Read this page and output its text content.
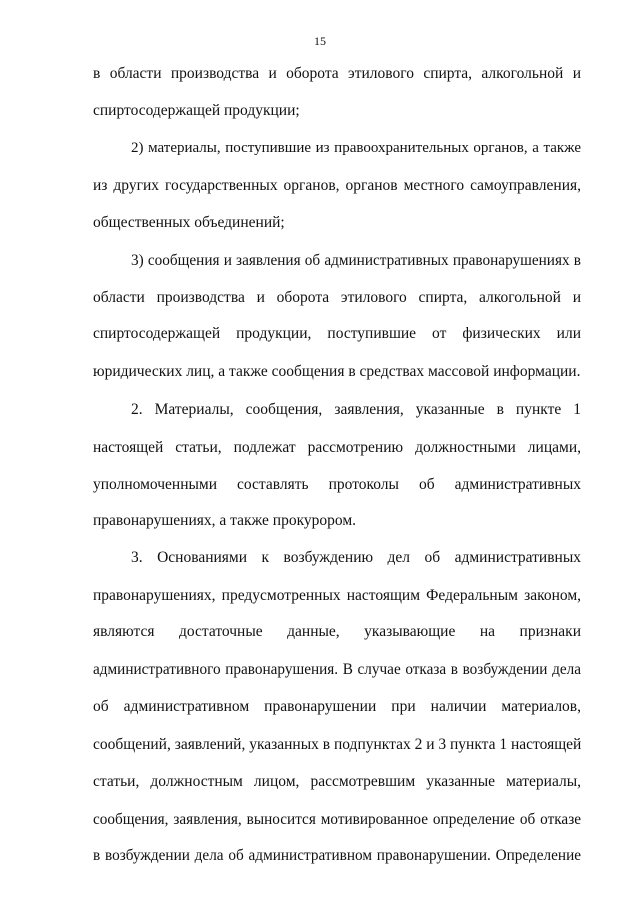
15
в области производства и оборота этилового спирта, алкогольной и
спиртосодержащей продукции;
2) материалы, поступившие из правоохранительных органов, а также
из других государственных органов, органов местного самоуправления,
общественных объединений;
3) сообщения и заявления об административных правонарушениях в
области производства и оборота этилового спирта, алкогольной и
спиртосодержащей продукции, поступившие от физических или
юридических лиц, а также сообщения в средствах массовой информации.
2. Материалы, сообщения, заявления, указанные в пункте 1
настоящей статьи, подлежат рассмотрению должностными лицами,
уполномоченными составлять протоколы об административных
правонарушениях, а также прокурором.
3. Основаниями к возбуждению дел об административных
правонарушениях, предусмотренных настоящим Федеральным законом,
являются достаточные данные, указывающие на признаки
административного правонарушения. В случае отказа в возбуждении дела
об административном правонарушении при наличии материалов,
сообщений, заявлений, указанных в подпунктах 2 и 3 пункта 1 настоящей
статьи, должностным лицом, рассмотревшим указанные материалы,
сообщения, заявления, выносится мотивированное определение об отказе
в возбуждении дела об административном правонарушении. Определение
